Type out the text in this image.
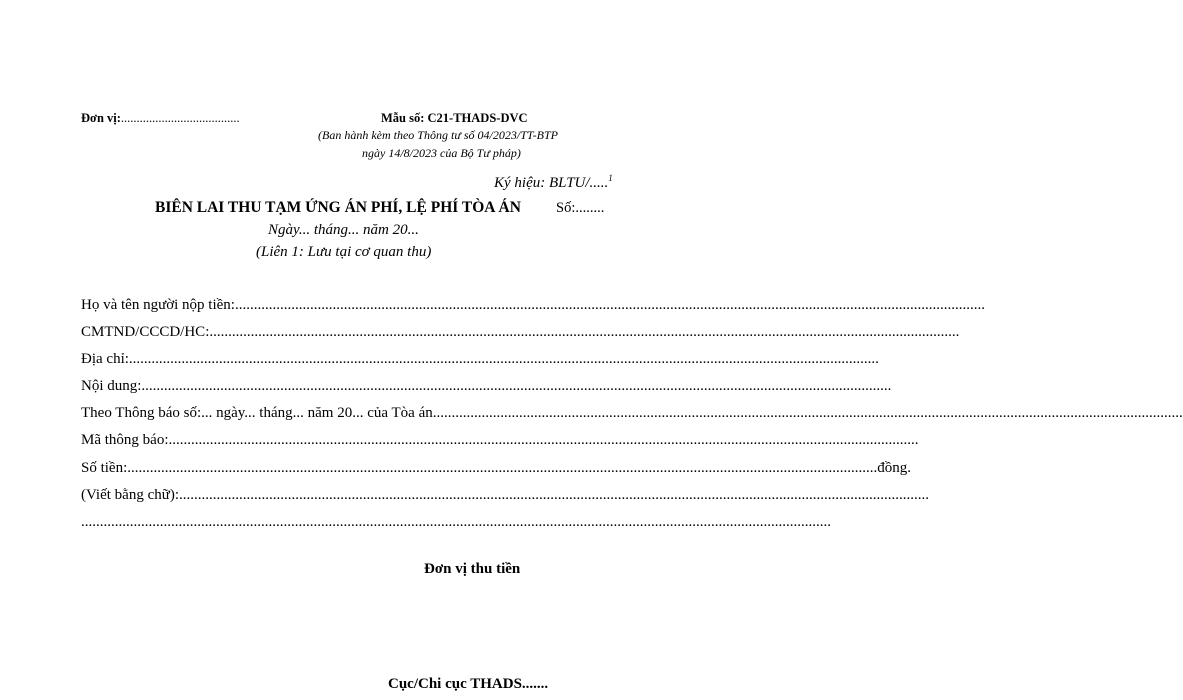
Đơn vị:......................................	Mẫu số: C21-THADS-DVC
(Ban hành kèm theo Thông tư số 04/2023/TT-BTP
ngày 14/8/2023 của Bộ Tư pháp)
Ký hiệu: BLTU/.....$^1$
BIÊN LAI THU TẠM ỨNG ÁN PHÍ, LỆ PHÍ TÒA ÁN Số:........
Ngày... tháng... năm 20...
(Liên 1: Lưu tại cơ quan thu)
Họ và tên người nộp tiền: ........................................................................................................................................................................................................
CMTND/CCCD/HC: ........................................................................................................................................................................................................
Địa chỉ: ........................................................................................................................................................................................................
Nội dung: ........................................................................................................................................................................................................
Theo Thông báo số:... ngày... tháng... năm 20... của Tòa án ........................................................................................................................................................................................................
Mã thông báo: ........................................................................................................................................................................................................
Số tiền: ........................................................................................................................................................................................................ đồng.
(Viết bằng chữ): ........................................................................................................................................................................................................
........................................................................................................................................................................................................
Đơn vị thu tiền
Cục/Chi cục THADS.......
